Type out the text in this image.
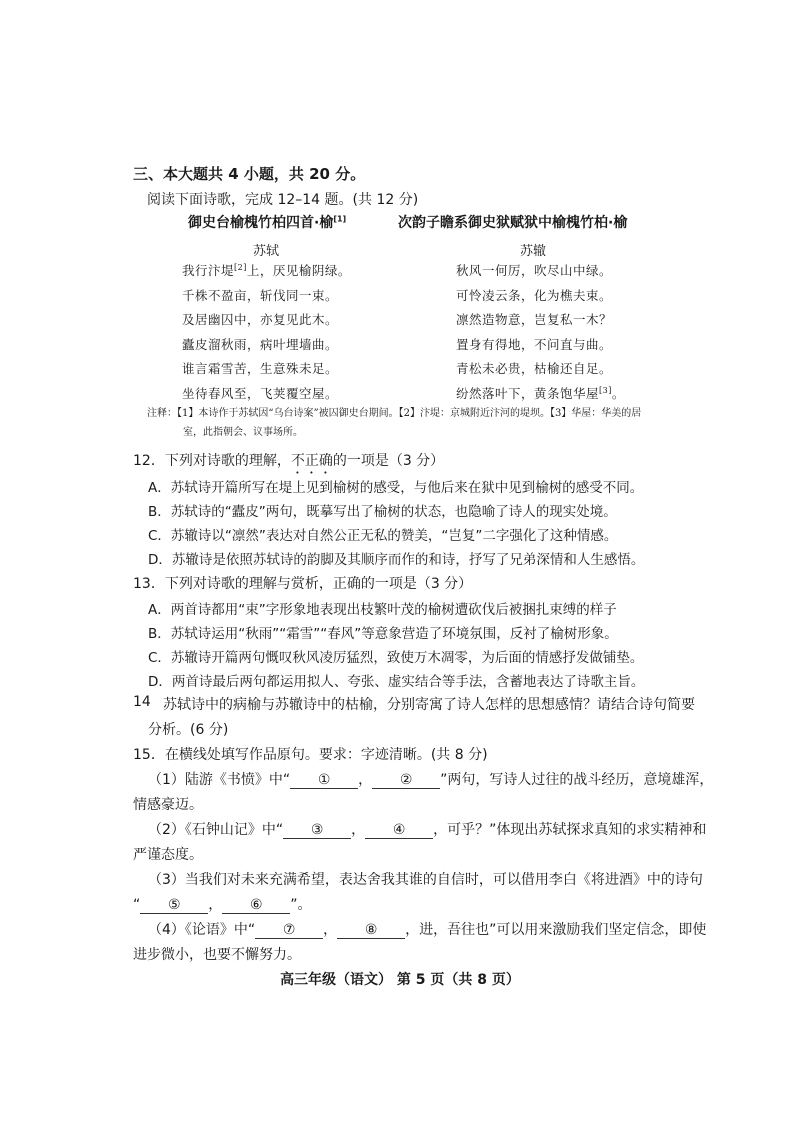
三、本大题共 4 小题，共 20 分。
阅读下面诗歌，完成 12–14 题。(共 12 分)
御史台榆槐竹柏四首·榆[1]
苏轼
我行汴堤[2]上，厌见榆阴绿。
千株不盈亩，斩伐同一束。
及居幽囚中，亦复见此木。
蠹皮溜秋雨，病叶埋墙曲。
谁言霜雪苦，生意殊未足。
坐待春风至，飞荚覆空屋。
次韵子瞻系御史狱赋狱中榆槐竹柏·榆
苏辙
秋风一何厉，吹尽山中绿。
可怜凌云条，化为樵夫束。
凛然造物意，岂复私一木？
置身有得地，不问直与曲。
青松未必贵，枯榆还自足。
纷然落叶下，黄条饱华屋[3]。
注释：【1】本诗作于苏轼因“乌台诗案”被囚御史台期间。【2】汴堤：京城附近汴河的堤坝。【3】华屋：华美的居
室，此指朝会、议事场所。
12．下列对诗歌的理解，不正确的一项是（3 分）
A．苏轼诗开篇所写在堤上见到榆树的感受，与他后来在狱中见到榆树的感受不同。
B．苏轼诗的“蠹皮”两句，既摹写出了榆树的状态，也隐喻了诗人的现实处境。
C．苏辙诗以“凛然”表达对自然公正无私的赞美，“岂复”二字强化了这种情感。
D．苏辙诗是依照苏轼诗的韵脚及其顺序而作的和诗，抒写了兄弟深情和人生感悟。
13．下列对诗歌的理解与赏析，正确的一项是（3 分）
A．两首诗都用“束”字形象地表现出枝繁叶茂的榆树遭砍伐后被捆扎束缚的样子
B．苏轼诗运用“秋雨”“霜雪”“春风”等意象营造了环境氛围，反衬了榆树形象。
C．苏辙诗开篇两句慨叹秋风凌厉猛烈，致使万木凋零，为后面的情感抒发做铺垫。
D．两首诗最后两句都运用拟人、夸张、虚实结合等手法，含蓄地表达了诗歌主旨。
14 苏轼诗中的病榆与苏辙诗中的枯榆，分别寄寓了诗人怎样的思想感情？请结合诗句简要
分析。(6 分)
15．在横线处填写作品原句。要求：字迹清晰。(共 8 分)
（1）陆游《书愤》中“ ① ， ② ”两句，写诗人过往的战斗经历，意境雄浑，
情感豪迈。
（2）《石钟山记》中“ ③ ， ④ ，可乎？”体现出苏轼探求真知的求实精神和
严谨态度。
（3）当我们对未来充满希望，表达舍我其谁的自信时，可以借用李白《将进酒》中的诗句
“ ⑤ ， ⑥ ”。
（4）《论语》中“ ⑦ ， ⑧ ，进，吾往也”可以用来激励我们坚定信念，即使
进步微小，也要不懈努力。
高三年级（语文） 第 5 页（共 8 页）
